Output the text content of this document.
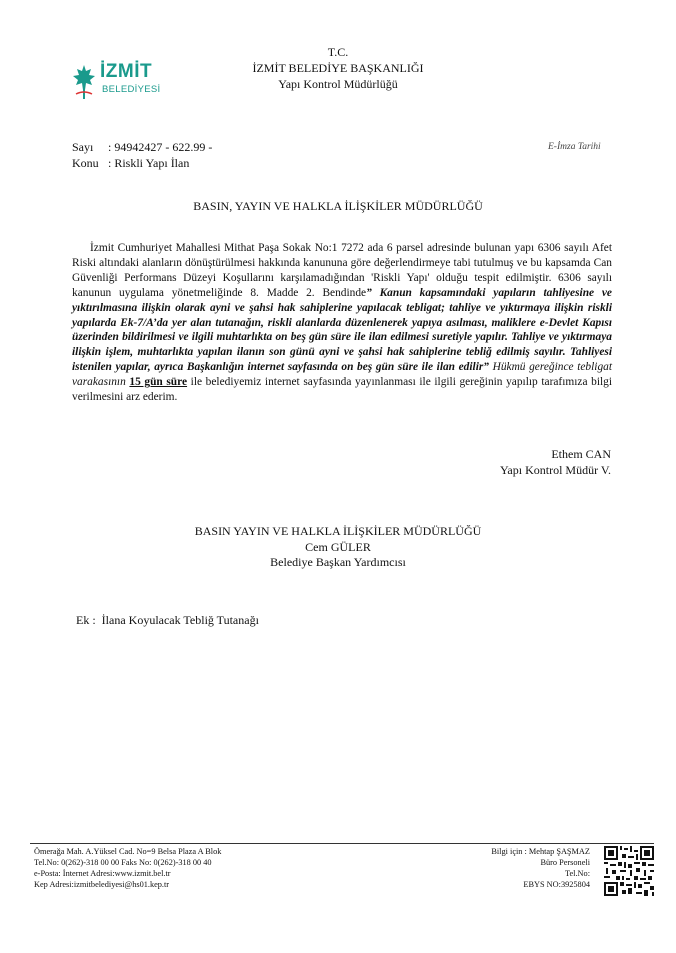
İZMİT
BELEDİYESİ
T.C.
İZMİT BELEDİYE BAŞKANLIĞI
Yapı Kontrol Müdürlüğü
Sayı : 94942427 - 622.99 -
Konu : Riskli Yapı İlan
E-İmza Tarihi
BASIN, YAYIN VE HALKLA İLİŞKİLER MÜDÜRLÜĞÜ
İzmit Cumhuriyet Mahallesi Mithat Paşa Sokak No:1 7272 ada 6 parsel adresinde bulunan yapı 6306 sayılı Afet Riski altındaki alanların dönüştürülmesi hakkında kanununa göre değerlendirmeye tabi tutulmuş ve bu kapsamda Can Güvenliği Performans Düzeyi Koşullarını karşılamadığından 'Riskli Yapı' olduğu tespit edilmiştir. 6306 sayılı kanunun uygulama yönetmeliğinde 8. Madde 2. Bendinde” Kanun kapsamındaki yapıların tahliyesine ve yıktırılmasına ilişkin olarak ayni ve şahsi hak sahiplerine yapılacak tebligat; tahliye ve yıktırmaya ilişkin riskli yapılarda Ek-7/A’da yer alan tutanağın, riskli alanlarda düzenlenerek yapıya asılması, maliklere e-Devlet Kapısı üzerinden bildirilmesi ve ilgili muhtarlıkta on beş gün süre ile ilan edilmesi suretiyle yapılır. Tahliye ve yıktırmaya ilişkin işlem, muhtarlıkta yapılan ilanın son günü ayni ve şahsi hak sahiplerine tebliğ edilmiş sayılır. Tahliyesi istenilen yapılar, ayrıca Başkanlığın internet sayfasında on beş gün süre ile ilan edilir” Hükmü gereğince tebligat varakasının 15 gün süre ile belediyemiz internet sayfasında yayınlanması ile ilgili gereğinin yapılıp tarafımıza bilgi verilmesini arz ederim.
Ethem CAN
Yapı Kontrol Müdür V.
BASIN YAYIN VE HALKLA İLİŞKİLER MÜDÜRLÜĞÜ
Cem GÜLER
Belediye Başkan Yardımcısı
Ek : İlana Koyulacak Tebliğ Tutanağı
Ömerağa Mah. A.Yüksel Cad. No=9 Belsa Plaza A Blok
Tel.No: 0(262)-318 00 00 Faks No: 0(262)-318 00 40
e-Posta: İnternet Adresi:www.izmit.bel.tr
Kep Adresi:izmitbelediyesi@hs01.kep.tr
Bilgi için : Mehtap ŞAŞMAZ
Büro Personeli
Tel.No:
EBYS NO:3925804
